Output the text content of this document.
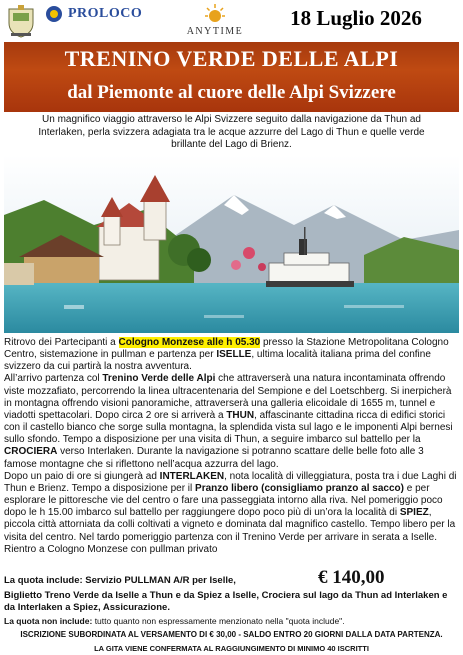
PROLOCO
ANYTIME
18 Luglio 2026
TRENINO VERDE DELLE ALPI
dal Piemonte al cuore delle Alpi Svizzere
Un magnifico viaggio attraverso le Alpi Svizzere seguito dalla navigazione da Thun ad Interlaken, perla svizzera adagiata tra le acque azzurre del Lago di Thun e quelle verde brillante del Lago di Brienz.

Ritrovo dei Partecipanti a Cologno Monzese alle h 05.30 presso la Stazione Metropolitana Cologno Centro, sistemazione in pullman e partenza per ISELLE, ultima località italiana prima del confine svizzero da cui partirà la nostra avventura.

All’arrivo partenza col Trenino Verde delle Alpi che attraverserà una natura incontaminata offrendo viste mozzafiato, percorrendo la linea ultracentenaria del Sempione e del Loetschberg. Si inerpicherà in montagna offrendo visioni panoramiche, attraverserà una galleria elicoidale di 1655 m, tunnel e viadotti spettacolari. Dopo circa 2 ore si arriverà a THUN, affascinante cittadina ricca di edifici storici con il castello bianco che sorge sulla montagna, la splendida vista sul lago e le imponenti Alpi bernesi sullo sfondo. Tempo a disposizione per una visita di Thun, a seguire imbarco sul battello per la CROCIERA verso Interlaken. Durante la navigazione si potranno scattare delle belle foto alle 3 famose montagne che si riflettono nell’acqua azzurra del lago.

Dopo un paio di ore si giungerà ad INTERLAKEN, nota località di villeggiatura, posta tra i due Laghi di Thun e Brienz. Tempo a disposizione per il Pranzo libero (consigliamo pranzo al sacco) e per esplorare le pittoresche vie del centro o fare una passeggiata intorno alla riva. Nel pomeriggio poco dopo le h 15.00 imbarco sul battello per raggiungere dopo poco più di un’ora la località di SPIEZ, piccola città attorniata da colli coltivati a vigneto e dominata dal magnifico castello. Tempo libero per la visita del centro. Nel tardo pomeriggio partenza con il Trenino Verde per arrivare in serata a Iselle.

Rientro a Cologno Monzese con pullman privato

€ 140,00
La quota include: Servizio PULLMAN A/R per Iselle,
Biglietto Treno Verde da Iselle a Thun e da Spiez a Iselle, Crociera sul lago da Thun ad Interlaken e da Interlaken a Spiez, Assicurazione.
La quota non include: tutto quanto non espressamente menzionato nella "quota include".
ISCRIZIONE SUBORDINATA AL VERSAMENTO DI € 30,00 - SALDO ENTRO 20 GIORNI DALLA DATA PARTENZA.
LA GITA VIENE CONFERMATA AL RAGGIUNGIMENTO DI MINIMO 40 ISCRITTI
